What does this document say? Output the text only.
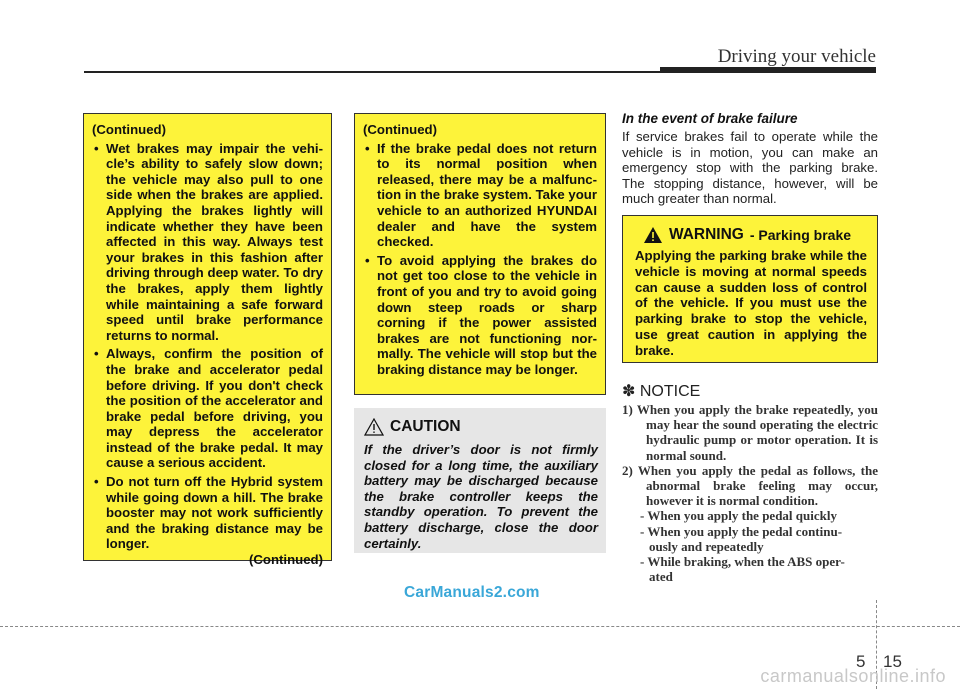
Driving your vehicle
(Continued)
• Wet brakes may impair the vehicle’s ability to safely slow down; the vehicle may also pull to one side when the brakes are applied. Applying the brakes lightly will indicate whether they have been affected in this way. Always test your brakes in this fashion after driving through deep water. To dry the brakes, apply them lightly while maintaining a safe forward speed until brake performance returns to normal.
• Always, confirm the position of the brake and accelerator pedal before driving. If you don't check the position of the accelerator and brake pedal before driving, you may depress the accelerator instead of the brake pedal. It may cause a serious accident.
• Do not turn off the Hybrid system while going down a hill. The brake booster may not work sufficiently and the braking distance may be longer.
(Continued)
(Continued)
• If the brake pedal does not return to its normal position when released, there may be a malfunction in the brake system. Take your vehicle to an authorized HYUNDAI dealer and have the system checked.
• To avoid applying the brakes do not get too close to the vehicle in front of you and try to avoid going down steep roads or sharp corning if the power assisted brakes are not functioning normally. The vehicle will stop but the braking distance may be longer.
CAUTION
If the driver’s door is not firmly closed for a long time, the auxiliary battery may be discharged because the brake controller keeps the standby operation. To prevent the battery discharge, close the door certainly.
In the event of brake failure
If service brakes fail to operate while the vehicle is in motion, you can make an emergency stop with the parking brake. The stopping distance, however, will be much greater than normal.
WARNING - Parking brake
Applying the parking brake while the vehicle is moving at normal speeds can cause a sudden loss of control of the vehicle. If you must use the parking brake to stop the vehicle, use great caution in applying the brake.
✽ NOTICE
1) When you apply the brake repeatedly, you may hear the sound operating the electric hydraulic pump or motor operation. It is normal sound.
2) When you apply the pedal as follows, the abnormal brake feeling may occur, however it is normal condition.
- When you apply the pedal quickly
- When you apply the pedal continu-
ously and repeatedly
- While braking, when the ABS oper-
ated
CarManuals2.com
5 15
carmanualsonline.info
